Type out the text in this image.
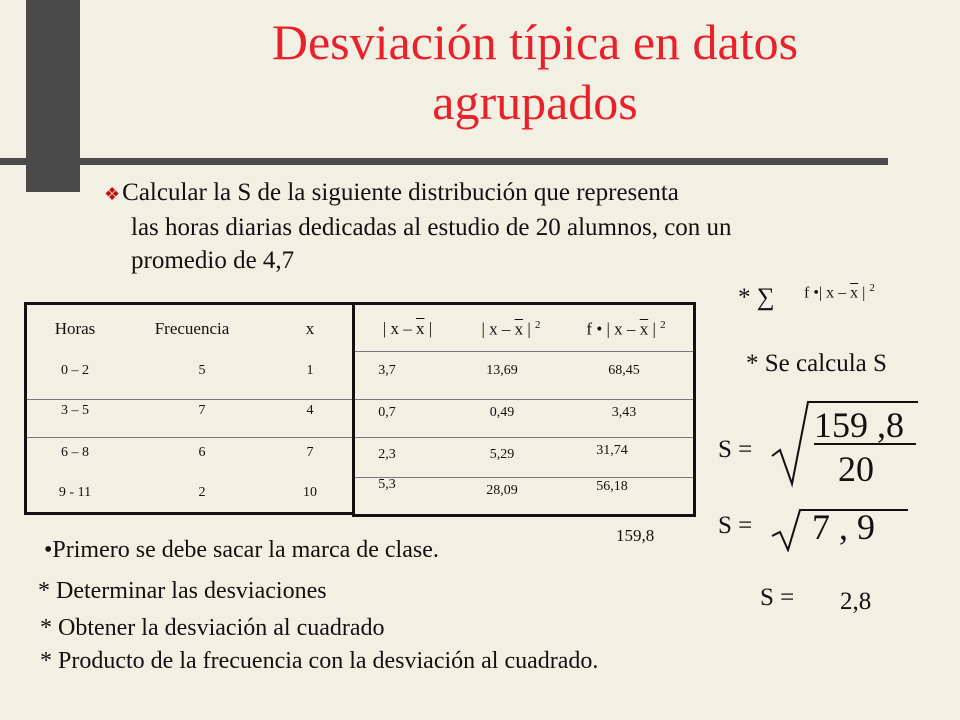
Desviación típica en datos agrupados
❖Calcular la S de la siguiente distribución que representa
las horas diarias dedicadas al estudio de 20 alumnos, con un
promedio de 4,7
Horas	Frecuencia	x
0 – 2	5	1
3 – 5	7	4
6 – 8	6	7
9 - 11	2	10
| x – $\overline{x}$ |	| x – $\overline{x}$ | $^2$	f • | x – $\overline{x}$ | $^2$
3,7	13,69	68,45
0,7	0,49	3,43
2,3	5,29	31,74
5,3	28,09	56,18
159,8
* ∑ f •| x – $\overline{x}$ | $^2$
* Se calcula S
S =
159 ,8
20
S = 7 , 9
S = 2,8
•Primero se debe sacar la marca de clase.
* Determinar las desviaciones
* Obtener la desviación al cuadrado
* Producto de la frecuencia con la desviación al cuadrado.
